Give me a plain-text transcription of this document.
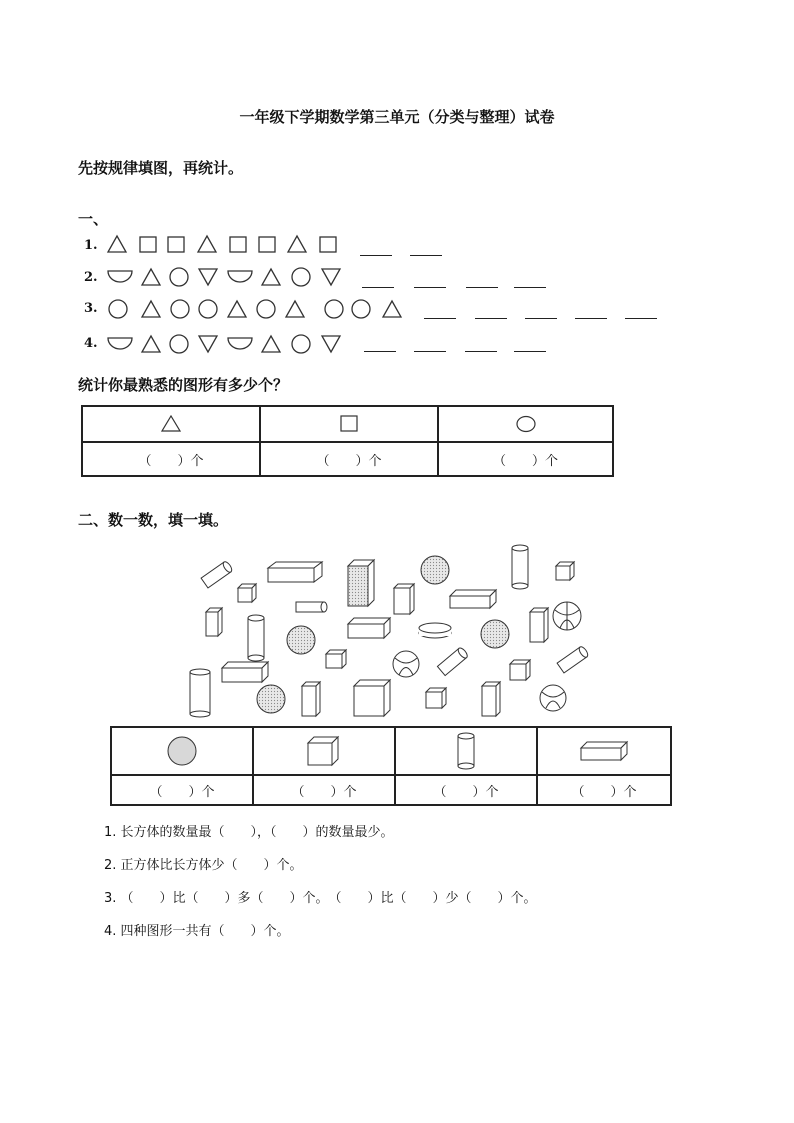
一年级下学期数学第三单元（分类与整理）试卷
先按规律填图，再统计。
一、
1.
2.
3.
4.
统计你最熟悉的图形有多少个？

（　　）个	（　　）个	（　　）个
二、数一数，填一填。

（　　）个	（　　）个	（　　）个	（　　）个
1. 长方体的数量最（　　），（　　）的数量最少。
2. 正方体比长方体少（　　）个。
3. （　　）比（　　）多（　　）个。　（　　）比（　　）少（　　）个。
4. 四种图形一共有（　　）个。
